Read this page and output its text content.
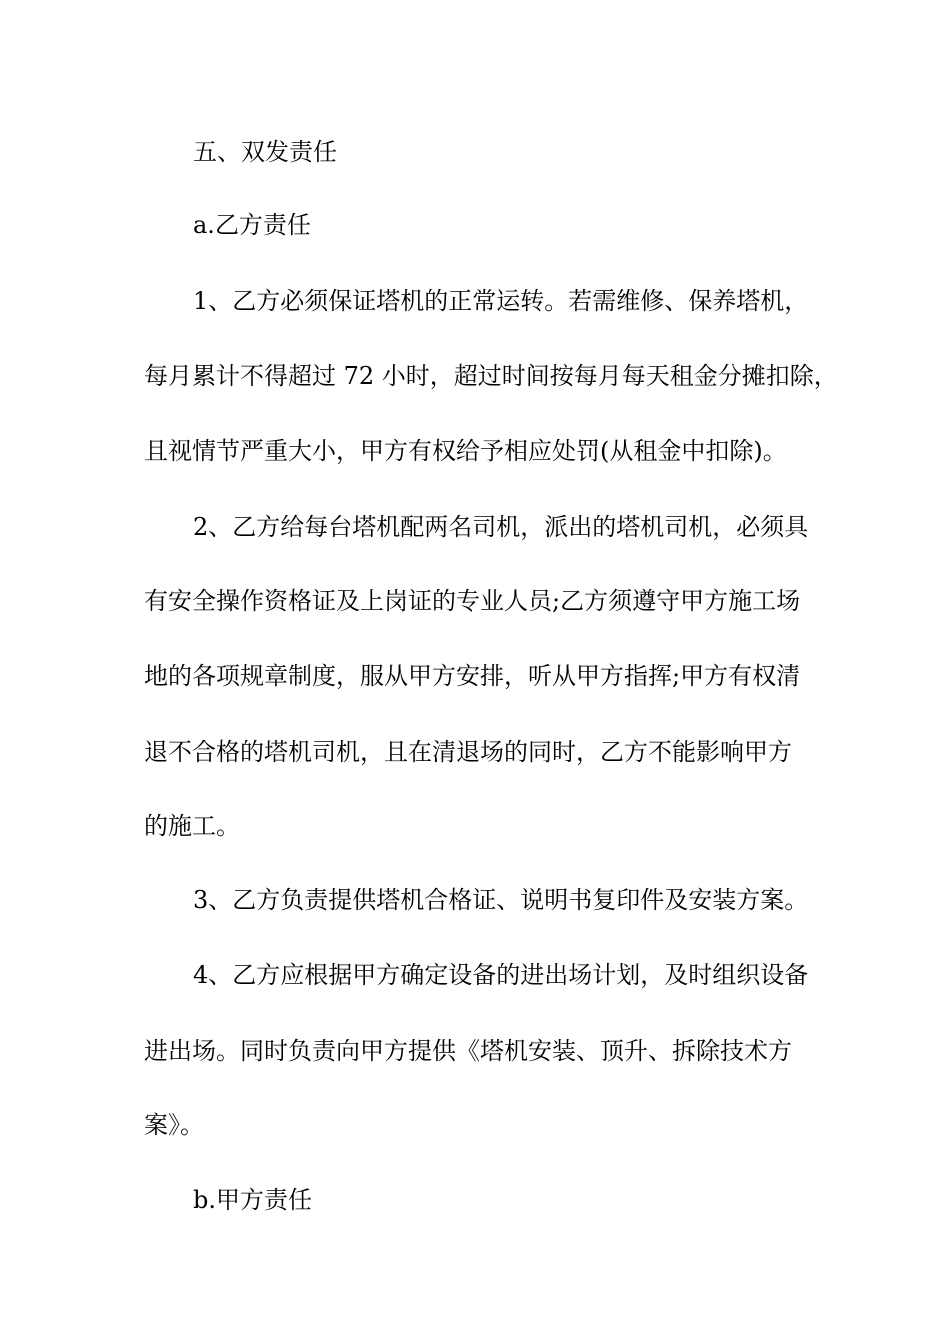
五、双发责任
a.乙方责任
1、乙方必须保证塔机的正常运转。若需维修、保养塔机，
每月累计不得超过 72 小时，超过时间按每月每天租金分摊扣除，
且视情节严重大小，甲方有权给予相应处罚(从租金中扣除)。
2、乙方给每台塔机配两名司机，派出的塔机司机，必须具
有安全操作资格证及上岗证的专业人员;乙方须遵守甲方施工场
地的各项规章制度，服从甲方安排，听从甲方指挥;甲方有权清
退不合格的塔机司机，且在清退场的同时，乙方不能影响甲方
的施工。
3、乙方负责提供塔机合格证、说明书复印件及安装方案。
4、乙方应根据甲方确定设备的进出场计划，及时组织设备
进出场。同时负责向甲方提供《塔机安装、顶升、拆除技术方
案》。
b.甲方责任
